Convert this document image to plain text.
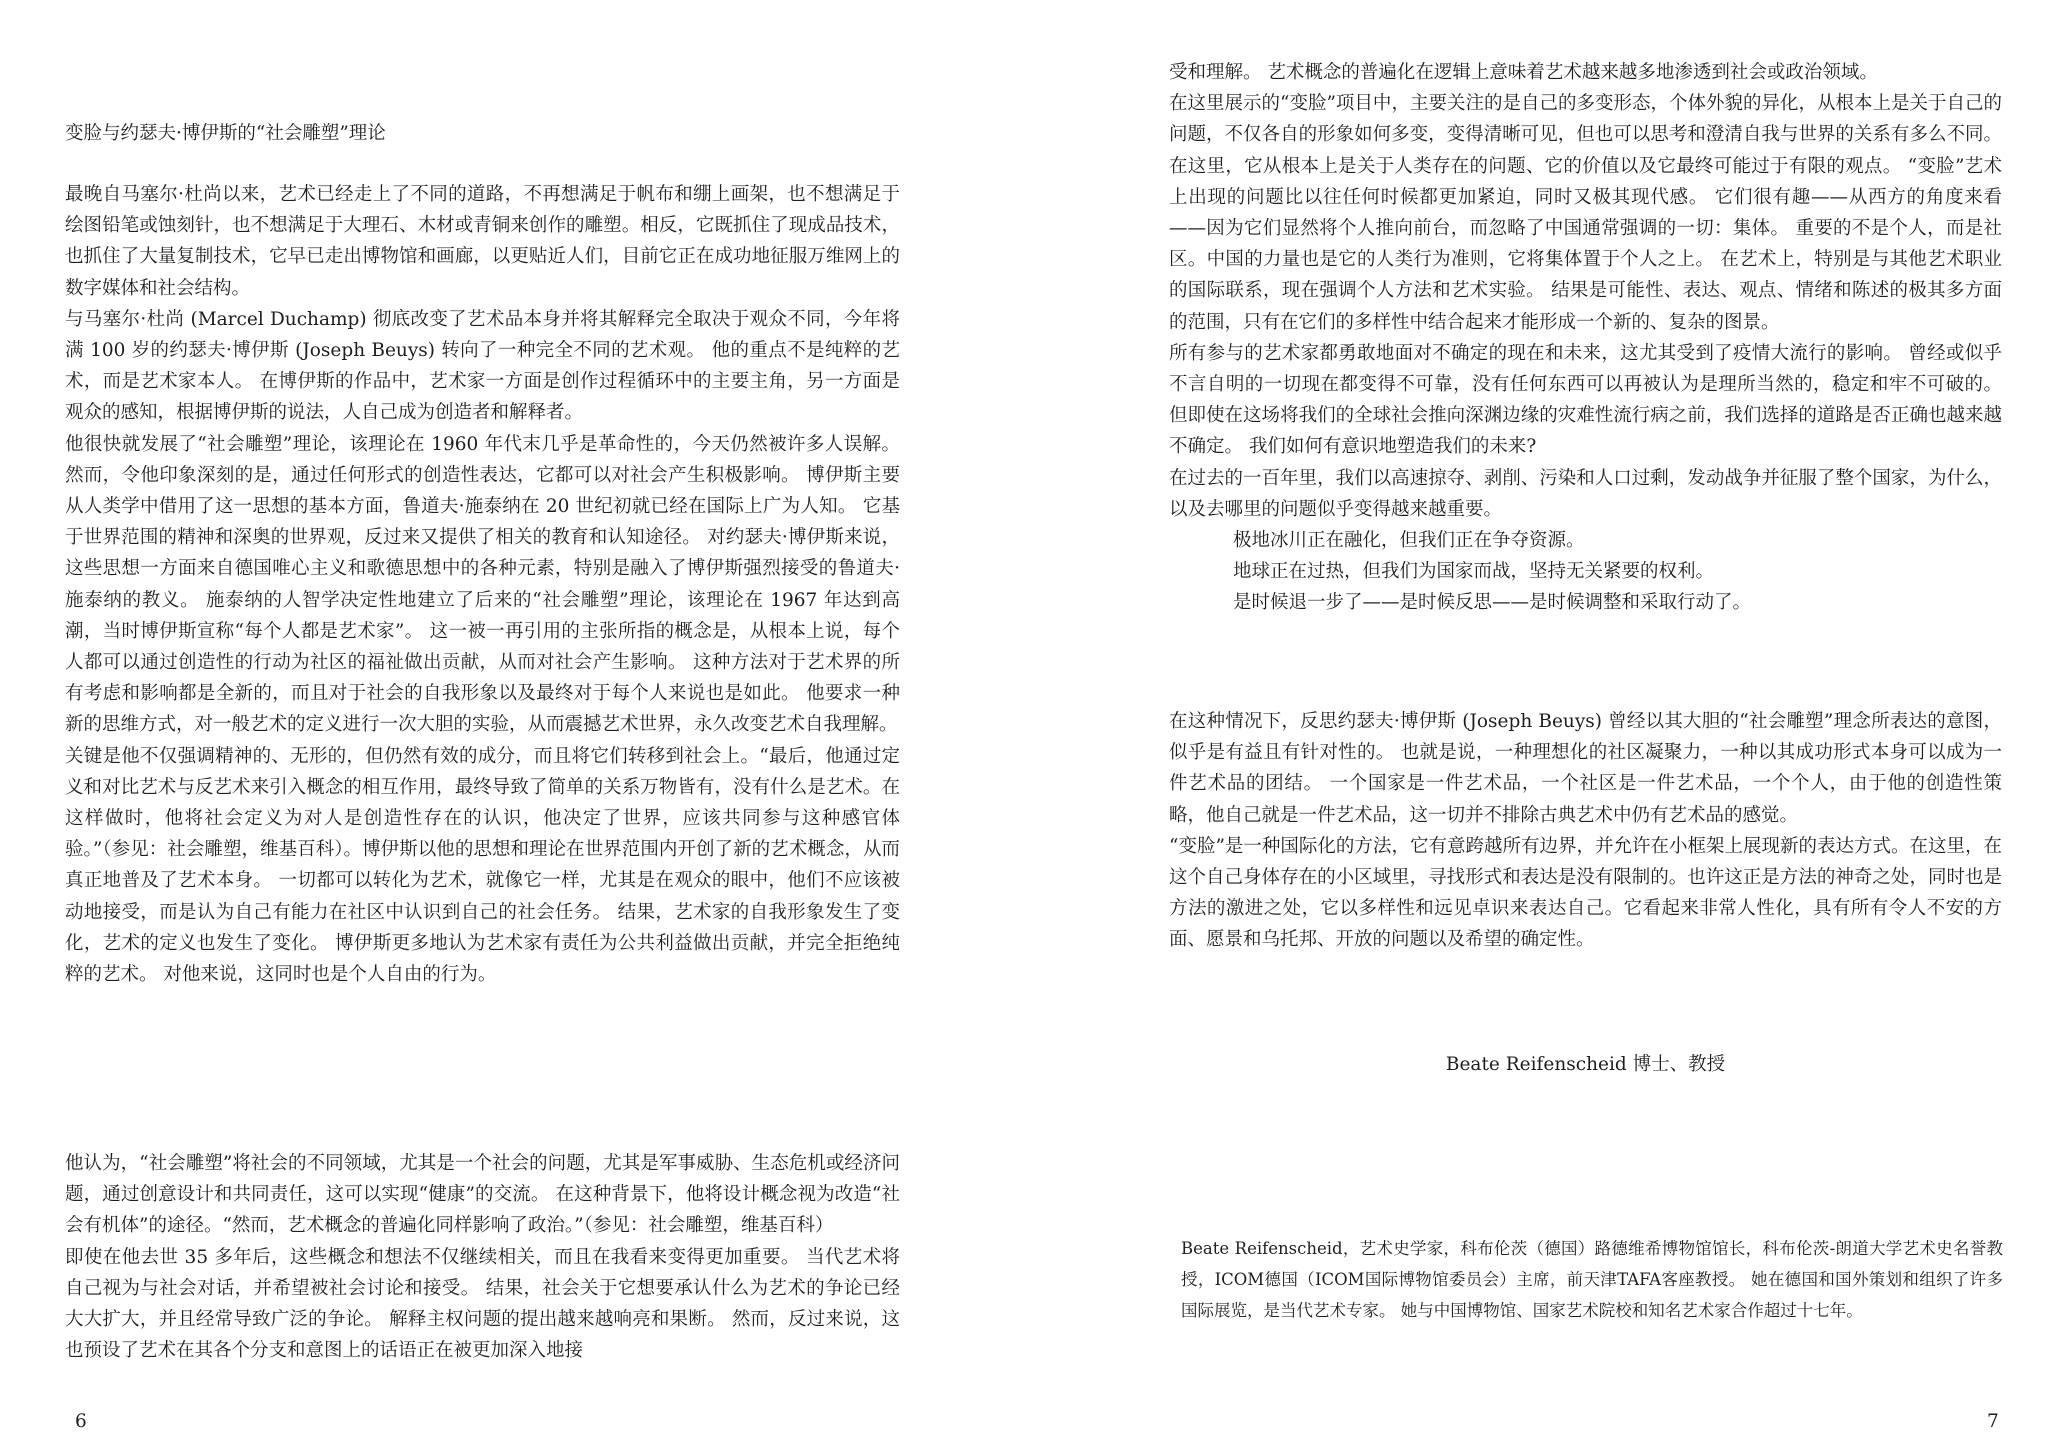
变脸与约瑟夫·博伊斯的“社会雕塑”理论

最晚自马塞尔·杜尚以来，艺术已经走上了不同的道路，不再想满足于帆布和绷上画架，也不想满足于绘图铅笔或蚀刻针，也不想满足于大理石、木材或青铜来创作的雕塑。相反，它既抓住了现成品技术，也抓住了大量复制技术，它早已走出博物馆和画廊，以更贴近人们，目前它正在成功地征服万维网上的数字媒体和社会结构。

与马塞尔·杜尚 (Marcel Duchamp) 彻底改变了艺术品本身并将其解释完全取决于观众不同，今年将满 100 岁的约瑟夫·博伊斯 (Joseph Beuys) 转向了一种完全不同的艺术观。 他的重点不是纯粹的艺术，而是艺术家本人。 在博伊斯的作品中，艺术家一方面是创作过程循环中的主要主角，另一方面是观众的感知，根据博伊斯的说法，人自己成为创造者和解释者。

他很快就发展了“社会雕塑”理论，该理论在 1960 年代末几乎是革命性的，今天仍然被许多人误解。 然而，令他印象深刻的是，通过任何形式的创造性表达，它都可以对社会产生积极影响。 博伊斯主要从人类学中借用了这一思想的基本方面，鲁道夫·施泰纳在 20 世纪初就已经在国际上广为人知。 它基于世界范围的精神和深奥的世界观，反过来又提供了相关的教育和认知途径。 对约瑟夫·博伊斯来说，这些思想一方面来自德国唯心主义和歌德思想中的各种元素，特别是融入了博伊斯强烈接受的鲁道夫·施泰纳的教义。 施泰纳的人智学决定性地建立了后来的“社会雕塑”理论，该理论在 1967 年达到高潮，当时博伊斯宣称“每个人都是艺术家”。 这一被一再引用的主张所指的概念是，从根本上说，每个人都可以通过创造性的行动为社区的福祉做出贡献，从而对社会产生影响。 这种方法对于艺术界的所有考虑和影响都是全新的，而且对于社会的自我形象以及最终对于每个人来说也是如此。 他要求一种新的思维方式，对一般艺术的定义进行一次大胆的实验，从而震撼艺术世界，永久改变艺术自我理解。

关键是他不仅强调精神的、无形的，但仍然有效的成分，而且将它们转移到社会上。“最后，他通过定义和对比艺术与反艺术来引入概念的相互作用，最终导致了简单的关系万物皆有，没有什么是艺术。在这样做时，他将社会定义为对人是创造性存在的认识，他决定了世界，应该共同参与这种感官体验。”（参见：社会雕塑，维基百科）。博伊斯以他的思想和理论在世界范围内开创了新的艺术概念，从而真正地普及了艺术本身。 一切都可以转化为艺术，就像它一样，尤其是在观众的眼中，他们不应该被动地接受，而是认为自己有能力在社区中认识到自己的社会任务。 结果，艺术家的自我形象发生了变化，艺术的定义也发生了变化。 博伊斯更多地认为艺术家有责任为公共利益做出贡献，并完全拒绝纯粹的艺术。 对他来说，这同时也是个人自由的行为。

他认为，“社会雕塑”将社会的不同领域，尤其是一个社会的问题，尤其是军事威胁、生态危机或经济问题，通过创意设计和共同责任，这可以实现“健康”的交流。 在这种背景下，他将设计概念视为改造“社会有机体”的途径。“然而，艺术概念的普遍化同样影响了政治。”（参见：社会雕塑，维基百科）

即使在他去世 35 多年后，这些概念和想法不仅继续相关，而且在我看来变得更加重要。 当代艺术将自己视为与社会对话，并希望被社会讨论和接受。 结果，社会关于它想要承认什么为艺术的争论已经大大扩大，并且经常导致广泛的争论。 解释主权问题的提出越来越响亮和果断。 然而，反过来说，这也预设了艺术在其各个分支和意图上的话语正在被更加深入地接

6

受和理解。 艺术概念的普遍化在逻辑上意味着艺术越来越多地渗透到社会或政治领域。

在这里展示的“变脸”项目中，主要关注的是自己的多变形态，个体外貌的异化，从根本上是关于自己的问题，不仅各自的形象如何多变，变得清晰可见，但也可以思考和澄清自我与世界的关系有多么不同。 在这里，它从根本上是关于人类存在的问题、它的价值以及它最终可能过于有限的观点。 “变脸”艺术上出现的问题比以往任何时候都更加紧迫，同时又极其现代感。 它们很有趣——从西方的角度来看——因为它们显然将个人推向前台，而忽略了中国通常强调的一切：集体。 重要的不是个人，而是社区。中国的力量也是它的人类行为准则，它将集体置于个人之上。 在艺术上，特别是与其他艺术职业的国际联系，现在强调个人方法和艺术实验。 结果是可能性、表达、观点、情绪和陈述的极其多方面的范围，只有在它们的多样性中结合起来才能形成一个新的、复杂的图景。

所有参与的艺术家都勇敢地面对不确定的现在和未来，这尤其受到了疫情大流行的影响。 曾经或似乎不言自明的一切现在都变得不可靠，没有任何东西可以再被认为是理所当然的，稳定和牢不可破的。 但即使在这场将我们的全球社会推向深渊边缘的灾难性流行病之前，我们选择的道路是否正确也越来越不确定。 我们如何有意识地塑造我们的未来?

在过去的一百年里，我们以高速掠夺、剥削、污染和人口过剩，发动战争并征服了整个国家，为什么，以及去哪里的问题似乎变得越来越重要。

极地冰川正在融化，但我们正在争夺资源。

地球正在过热，但我们为国家而战，坚持无关紧要的权利。

是时候退一步了——是时候反思——是时候调整和采取行动了。

在这种情况下，反思约瑟夫·博伊斯 (Joseph Beuys) 曾经以其大胆的“社会雕塑”理念所表达的意图，似乎是有益且有针对性的。 也就是说，一种理想化的社区凝聚力，一种以其成功形式本身可以成为一件艺术品的团结。 一个国家是一件艺术品，一个社区是一件艺术品，一个个人，由于他的创造性策略，他自己就是一件艺术品，这一切并不排除古典艺术中仍有艺术品的感觉。

“变脸”是一种国际化的方法，它有意跨越所有边界，并允许在小框架上展现新的表达方式。在这里，在这个自己身体存在的小区域里，寻找形式和表达是没有限制的。也许这正是方法的神奇之处，同时也是方法的激进之处，它以多样性和远见卓识来表达自己。它看起来非常人性化，具有所有令人不安的方面、愿景和乌托邦、开放的问题以及希望的确定性。

Beate Reifenscheid 博士、教授
Beate Reifenscheid，艺术史学家，科布伦茨（德国）路德维希博物馆馆长，科布伦茨-朗道大学艺术史名誉教授，ICOM德国（ICOM国际博物馆委员会）主席，前天津TAFA客座教授。 她在德国和国外策划和组织了许多国际展览，是当代艺术专家。 她与中国博物馆、国家艺术院校和知名艺术家合作超过十七年。
7
